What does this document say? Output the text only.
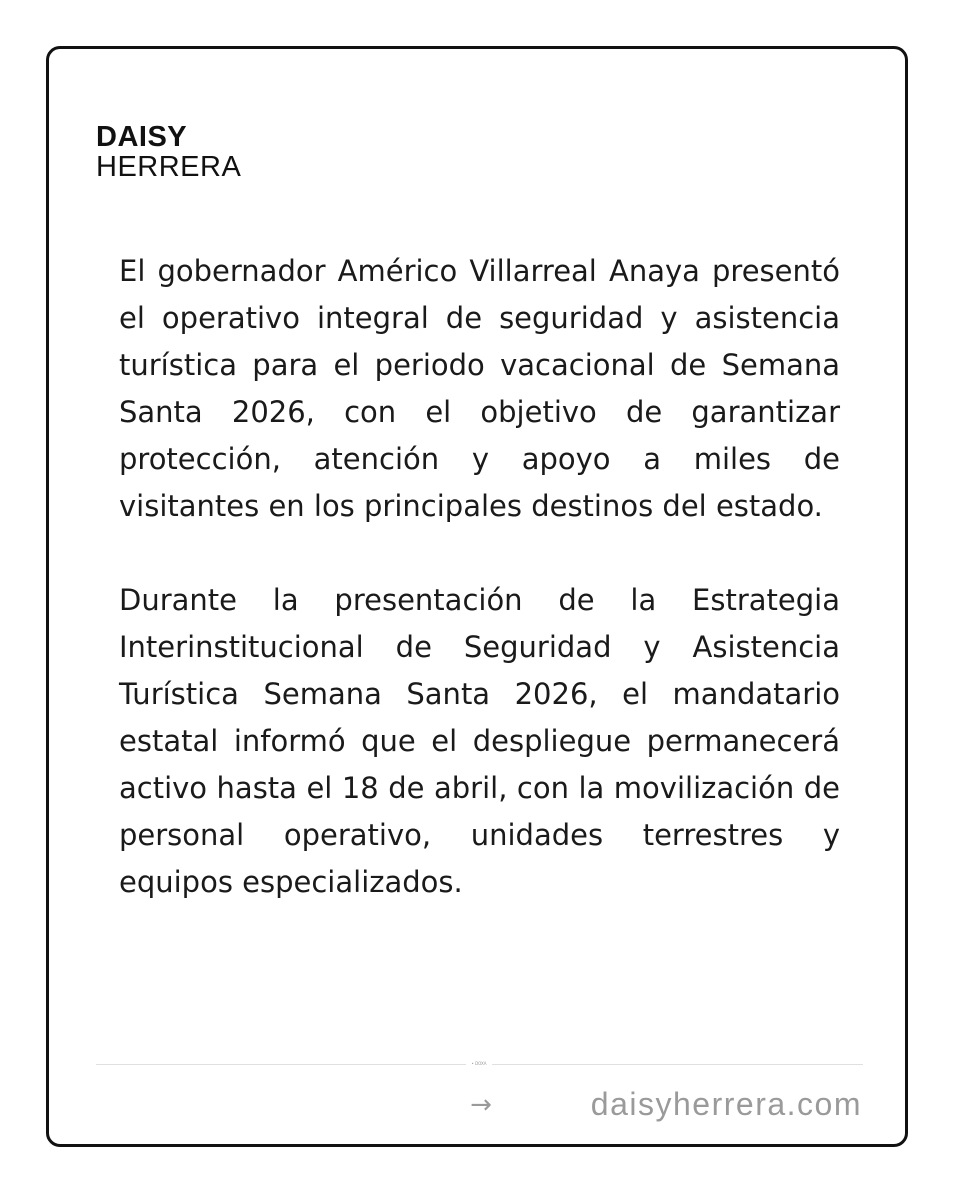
DAISY
HERRERA

El gobernador Américo Villarreal Anaya presentó el operativo integral de seguridad y asistencia turística para el periodo vacacional de Semana Santa 2026, con el objetivo de garantizar protección, atención y apoyo a miles de visitantes en los principales destinos del estado.

Durante la presentación de la Estrategia Interinstitucional de Seguridad y Asistencia Turística Semana Santa 2026, el mandatario estatal informó que el despliegue permanecerá activo hasta el 18 de abril, con la movilización de personal operativo, unidades terrestres y equipos especializados.

• DOXA
→	daisyherrera.com
